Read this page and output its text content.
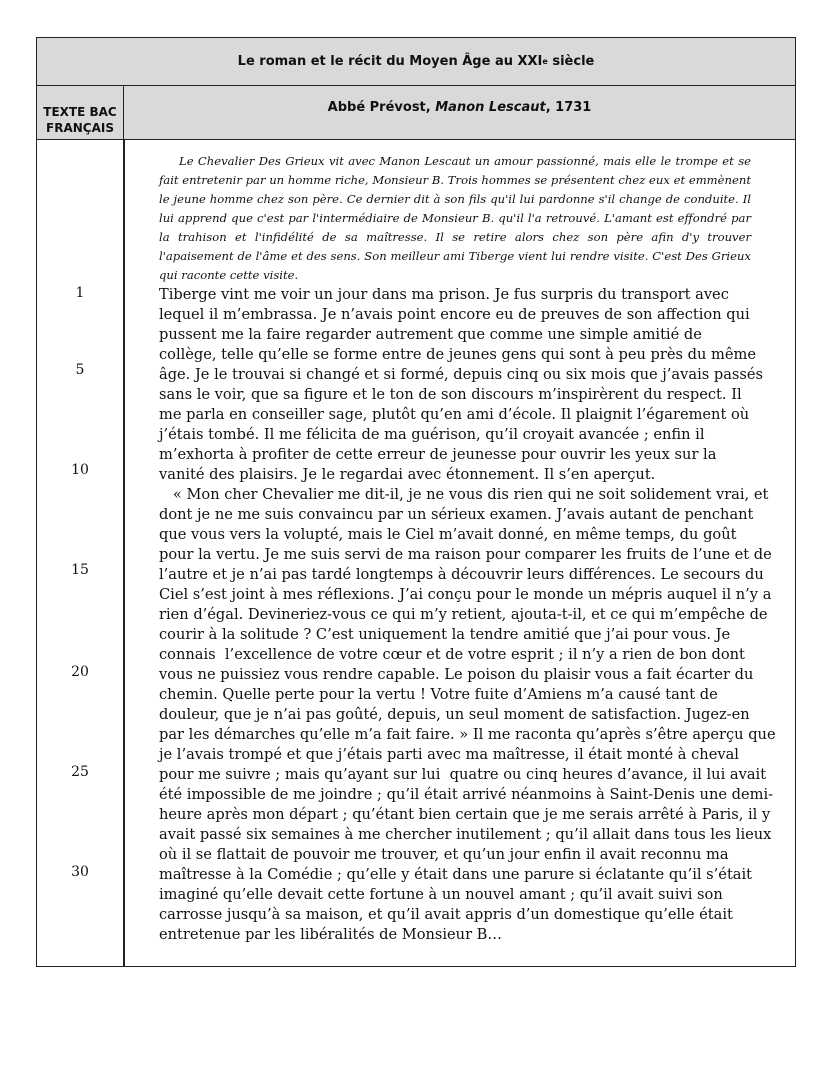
Le roman et le récit du Moyen Âge au XXI e siècle
TEXTE BAC
FRANÇAIS
Abbé Prévost, Manon Lescaut, 1731
Le Chevalier Des Grieux vit avec Manon Lescaut un amour passionné, mais elle le trompe et se fait entretenir par un homme riche, Monsieur B. Trois hommes se présentent chez eux et emmènent le jeune homme chez son père. Ce dernier dit à son fils qu'il lui pardonne s'il change de conduite. Il lui apprend que c'est par l'intermédiaire de Monsieur B. qu'il l'a retrouvé. L'amant est effondré par la trahison et l'infidélité de sa maîtresse. Il se retire alors chez son père afin d'y trouver l'apaisement de l'âme et des sens. Son meilleur ami Tiberge vient lui rendre visite. C'est Des Grieux qui raconte cette visite.
1
5
10
15
20
25
30
Tiberge vint me voir un jour dans ma prison. Je fus surpris du transport avec
lequel il m’embrassa. Je n’avais point encore eu de preuves de son affection qui
pussent me la faire regarder autrement que comme une simple amitié de
collège, telle qu’elle se forme entre de jeunes gens qui sont à peu près du même
âge. Je le trouvai si changé et si formé, depuis cinq ou six mois que j’avais passés
sans le voir, que sa figure et le ton de son discours m’inspirèrent du respect. Il
me parla en conseiller sage, plutôt qu’en ami d’école. Il plaignit l’égarement où
j’étais tombé. Il me félicita de ma guérison, qu’il croyait avancée ; enfin il
m’exhorta à profiter de cette erreur de jeunesse pour ouvrir les yeux sur la
vanité des plaisirs. Je le regardai avec étonnement. Il s’en aperçut.
« Mon cher Chevalier me dit-il, je ne vous dis rien qui ne soit solidement vrai, et
dont je ne me suis convaincu par un sérieux examen. J’avais autant de penchant
que vous vers la volupté, mais le Ciel m’avait donné, en même temps, du goût
pour la vertu. Je me suis servi de ma raison pour comparer les fruits de l’une et de
l’autre et je n’ai pas tardé longtemps à découvrir leurs différences. Le secours du
Ciel s’est joint à mes réflexions. J’ai conçu pour le monde un mépris auquel il n’y a
rien d’égal. Devineriez-vous ce qui m’y retient, ajouta-t-il, et ce qui m’empêche de
courir à la solitude ? C’est uniquement la tendre amitié que j’ai pour vous. Je
connais  l’excellence de votre cœur et de votre esprit ; il n’y a rien de bon dont
vous ne puissiez vous rendre capable. Le poison du plaisir vous a fait écarter du
chemin. Quelle perte pour la vertu ! Votre fuite d’Amiens m’a causé tant de
douleur, que je n’ai pas goûté, depuis, un seul moment de satisfaction. Jugez-en
par les démarches qu’elle m’a fait faire. » Il me raconta qu’après s’être aperçu que
je l’avais trompé et que j’étais parti avec ma maîtresse, il était monté à cheval
pour me suivre ; mais qu’ayant sur lui  quatre ou cinq heures d’avance, il lui avait
été impossible de me joindre ; qu’il était arrivé néanmoins à Saint-Denis une demi-
heure après mon départ ; qu’étant bien certain que je me serais arrêté à Paris, il y
avait passé six semaines à me chercher inutilement ; qu’il allait dans tous les lieux
où il se flattait de pouvoir me trouver, et qu’un jour enfin il avait reconnu ma
maîtresse à la Comédie ; qu’elle y était dans une parure si éclatante qu’il s’était
imaginé qu’elle devait cette fortune à un nouvel amant ; qu’il avait suivi son
carrosse jusqu’à sa maison, et qu’il avait appris d’un domestique qu’elle était
entretenue par les libéralités de Monsieur B…
